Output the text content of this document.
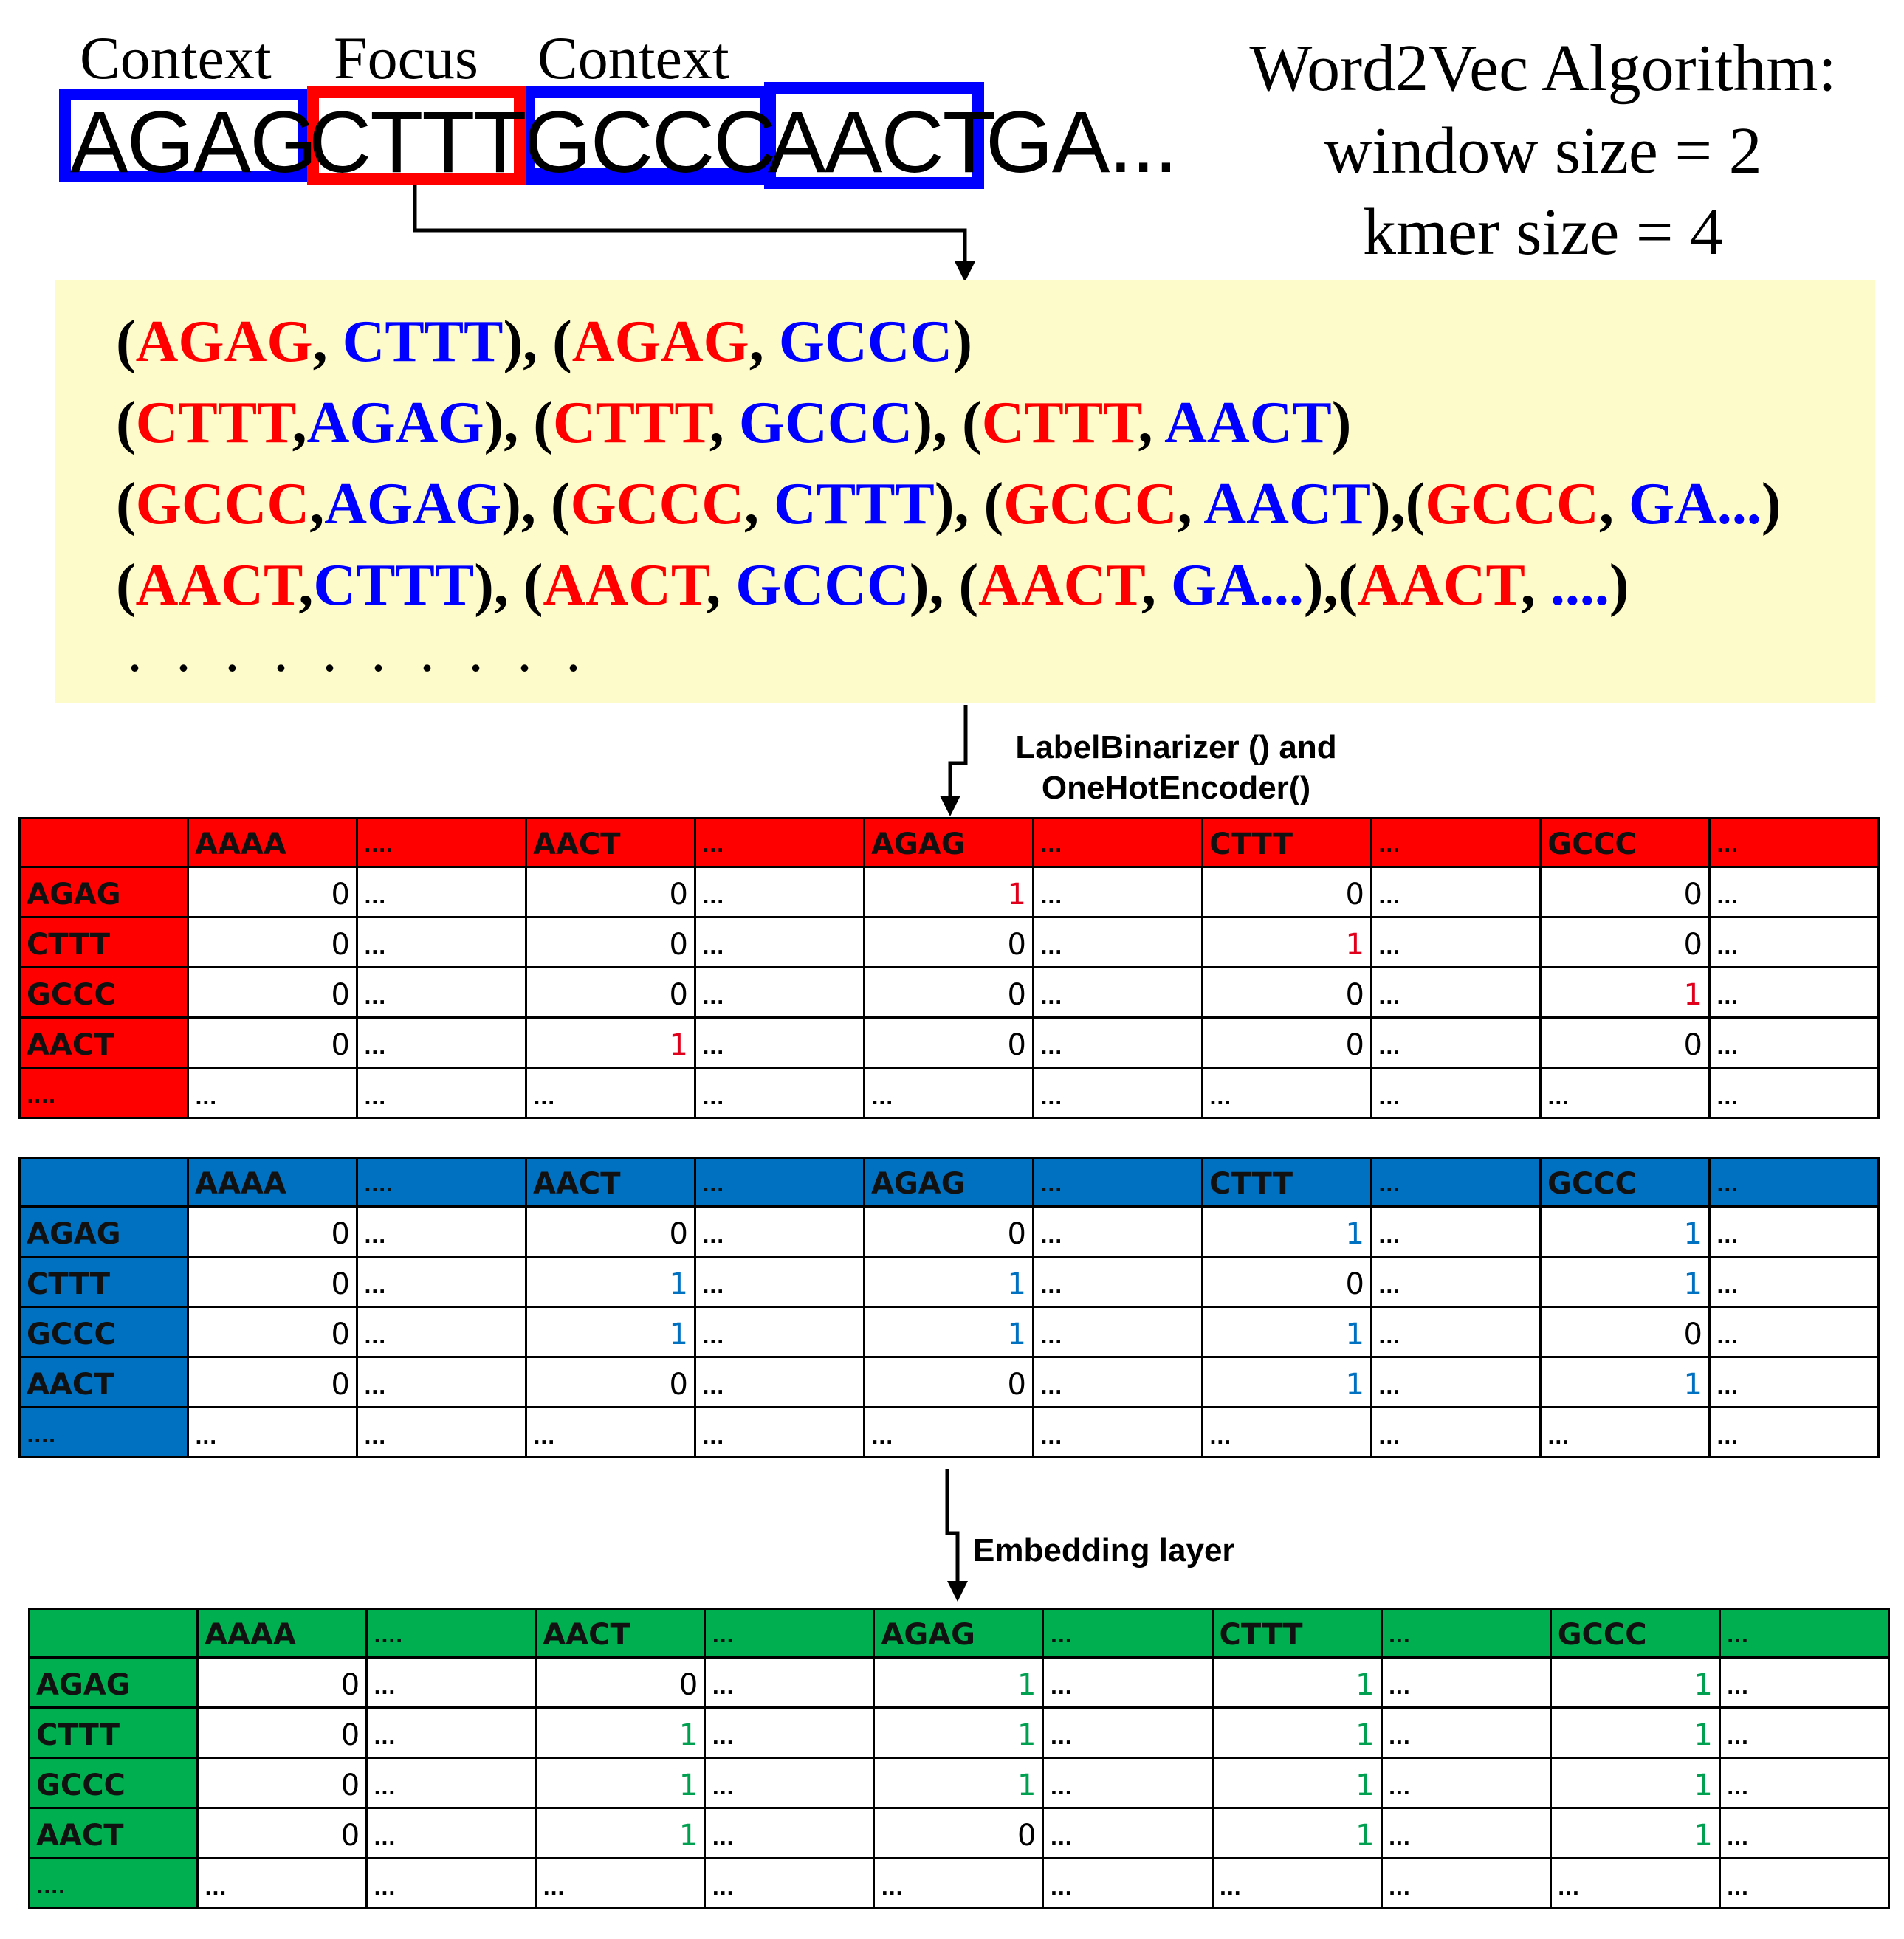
Context Focus Context
AGAG
CTTT
GCCC
AACT
GA...
Word2Vec Algorithm:
window size = 2
kmer size = 4
(AGAG, CTTT), (AGAG, GCCC)
(CTTT,AGAG), (CTTT, GCCC), (CTTT, AACT)
(GCCC,AGAG), (GCCC, CTTT), (GCCC, AACT),(GCCC, GA...)
(AACT,CTTT), (AACT, GCCC), (AACT, GA...),(AACT, ....)
. . . . . . . . . .
LabelBinarizer () and
OneHotEncoder()
Embedding layer
	AAAA	....	AACT	...	AGAG	...	CTTT	...	GCCC	...
AGAG	0	...	0	...	1	...	0	...	0	...
CTTT	0	...	0	...	0	...	1	...	0	...
GCCC	0	...	0	...	0	...	0	...	1	...
AACT	0	...	1	...	0	...	0	...	0	...
....	...	...	...	...	...	...	...	...	...	...
	AAAA	....	AACT	...	AGAG	...	CTTT	...	GCCC	...
AGAG	0	...	0	...	0	...	1	...	1	...
CTTT	0	...	1	...	1	...	0	...	1	...
GCCC	0	...	1	...	1	...	1	...	0	...
AACT	0	...	0	...	0	...	1	...	1	...
....	...	...	...	...	...	...	...	...	...	...
	AAAA	....	AACT	...	AGAG	...	CTTT	...	GCCC	...
AGAG	0	...	0	...	1	...	1	...	1	...
CTTT	0	...	1	...	1	...	1	...	1	...
GCCC	0	...	1	...	1	...	1	...	1	...
AACT	0	...	1	...	0	...	1	...	1	...
....	...	...	...	...	...	...	...	...	...	...
